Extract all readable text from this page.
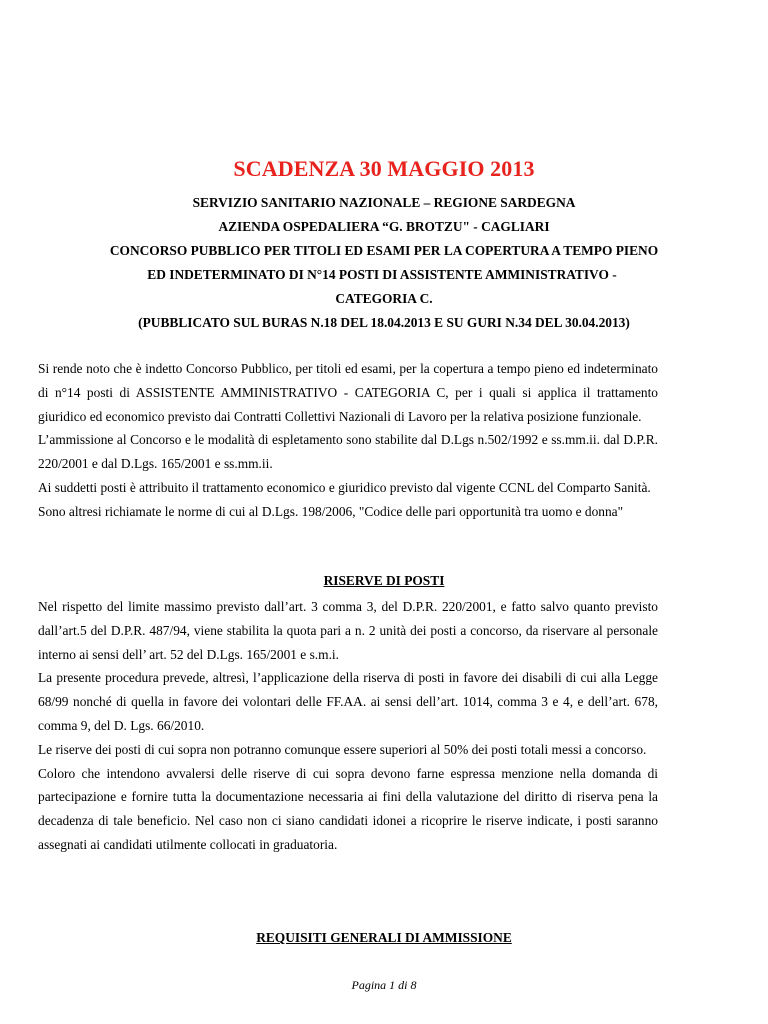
SCADENZA 30 MAGGIO 2013
SERVIZIO SANITARIO NAZIONALE – REGIONE SARDEGNA
AZIENDA OSPEDALIERA “G. BROTZU" - CAGLIARI
CONCORSO PUBBLICO PER TITOLI ED ESAMI PER LA COPERTURA A TEMPO PIENO
ED INDETERMINATO DI N°14 POSTI DI ASSISTENTE AMMINISTRATIVO -
CATEGORIA C.
(PUBBLICATO SUL BURAS N.18 DEL 18.04.2013 E SU GURI N.34 DEL 30.04.2013)

Si rende noto che è indetto Concorso Pubblico, per titoli ed esami, per la copertura a tempo pieno ed indeterminato di n°14 posti di ASSISTENTE AMMINISTRATIVO - CATEGORIA C, per i quali si applica il trattamento giuridico ed economico previsto dai Contratti Collettivi Nazionali di Lavoro per la relativa posizione funzionale.

L’ammissione al Concorso e le modalità di espletamento sono stabilite dal D.Lgs n.502/1992 e ss.mm.ii. dal D.P.R. 220/2001 e dal D.Lgs. 165/2001 e ss.mm.ii.

Ai suddetti posti è attribuito il trattamento economico e giuridico previsto dal vigente CCNL del Comparto Sanità.

Sono altresi richiamate le norme di cui al D.Lgs. 198/2006, "Codice delle pari opportunità tra uomo e donna"

RISERVE DI POSTI

Nel rispetto del limite massimo previsto dall’art. 3 comma 3, del D.P.R. 220/2001, e fatto salvo quanto previsto dall’art.5 del D.P.R. 487/94, viene stabilita la quota pari a n. 2 unità dei posti a concorso, da riservare al personale interno ai sensi dell’ art. 52 del D.Lgs. 165/2001 e s.m.i.

La presente procedura prevede, altresì, l’applicazione della riserva di posti in favore dei disabili di cui alla Legge 68/99 nonché di quella in favore dei volontari delle FF.AA. ai sensi dell’art. 1014, comma 3 e 4, e dell’art. 678, comma 9, del D. Lgs. 66/2010.

Le riserve dei posti di cui sopra non potranno comunque essere superiori al 50% dei posti totali messi a concorso.

Coloro che intendono avvalersi delle riserve di cui sopra devono farne espressa menzione nella domanda di partecipazione e fornire tutta la documentazione necessaria ai fini della valutazione del diritto di riserva pena la decadenza di tale beneficio. Nel caso non ci siano candidati idonei a ricoprire le riserve indicate, i posti saranno assegnati ai candidati utilmente collocati in graduatoria.

REQUISITI GENERALI DI AMMISSIONE
Pagina 1 di 8
